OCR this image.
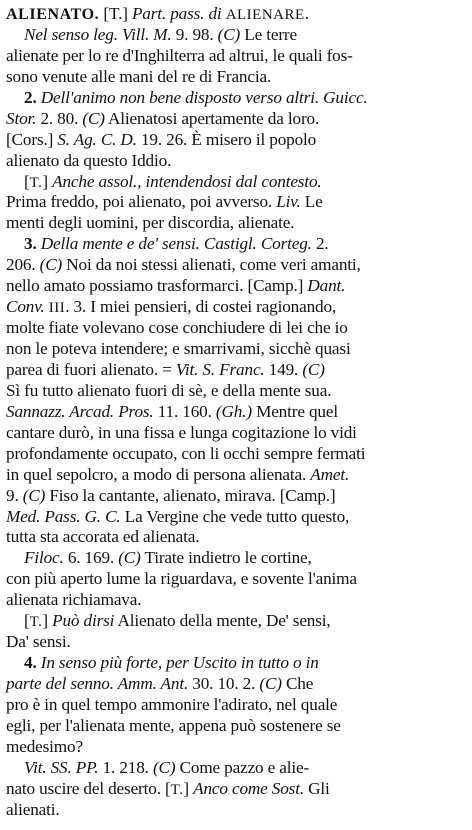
ALIENATO. [T.] Part. pass. di ALIENARE.
Nel senso leg. Vill. M. 9. 98. (C) Le terre
alienate per lo re d'Inghilterra ad altrui, le quali fos-
sono venute alle mani del re di Francia.
2. Dell'animo non bene disposto verso altri. Guicc.
Stor. 2. 80. (C) Alienatosi apertamente da loro.
[Cors.] S. Ag. C. D. 19. 26. È misero il popolo
alienato da questo Iddio.
[T.] Anche assol., intendendosi dal contesto.
Prima freddo, poi alienato, poi avverso. Liv. Le
menti degli uomini, per discordia, alienate.
3. Della mente e de' sensi. Castigl. Corteg. 2.
206. (C) Noi da noi stessi alienati, come veri amanti,
nello amato possiamo trasformarci. [Camp.] Dant.
Conv. III. 3. I miei pensieri, di costei ragionando,
molte fiate volevano cose conchiudere di lei che io
non le poteva intendere; e smarrivami, sicchè quasi
parea di fuori alienato. = Vit. S. Franc. 149. (C)
Sì fu tutto alienato fuori di sè, e della mente sua.
Sannazz. Arcad. Pros. 11. 160. (Gh.) Mentre quel
cantare durò, in una fissa e lunga cogitazione lo vidi
profondamente occupato, con li occhi sempre fermati
in quel sepolcro, a modo di persona alienata. Amet.
9. (C) Fiso la cantante, alienato, mirava. [Camp.]
Med. Pass. G. C. La Vergine che vede tutto questo,
tutta sta accorata ed alienata.
Filoc. 6. 169. (C) Tirate indietro le cortine,
con più aperto lume la riguardava, e sovente l'anima
alienata richiamava.
[T.] Può dirsi Alienato della mente, De' sensi,
Da' sensi.
4. In senso più forte, per Uscito in tutto o in
parte del senno. Amm. Ant. 30. 10. 2. (C) Che
pro è in quel tempo ammonire l'adirato, nel quale
egli, per l'alienata mente, appena può sostenere se
medesimo?
Vit. SS. PP. 1. 218. (C) Come pazzo e alie-
nato uscire del deserto. [T.] Anco come Sost. Gli
alienati.
